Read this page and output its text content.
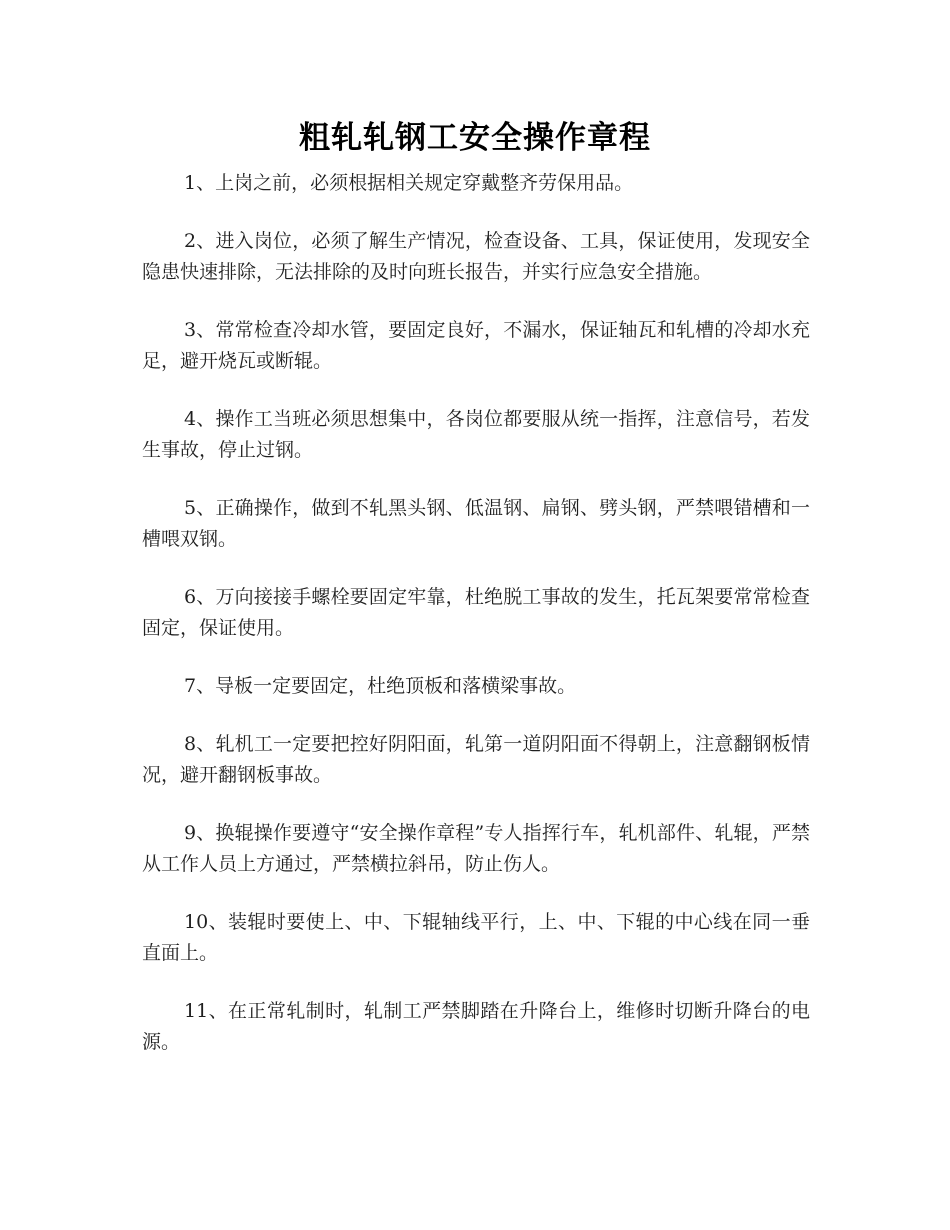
粗轧轧钢工安全操作章程

1、上岗之前，必须根据相关规定穿戴整齐劳保用品。

2、进入岗位，必须了解生产情况，检查设备、工具，保证使用，发现安全隐患快速排除，无法排除的及时向班长报告，并实行应急安全措施。

3、常常检查冷却水管，要固定良好，不漏水，保证轴瓦和轧槽的冷却水充足，避开烧瓦或断辊。

4、操作工当班必须思想集中，各岗位都要服从统一指挥，注意信号，若发生事故，停止过钢。

5、正确操作，做到不轧黑头钢、低温钢、扁钢、劈头钢，严禁喂错槽和一槽喂双钢。

6、万向接接手螺栓要固定牢靠，杜绝脱工事故的发生，托瓦架要常常检查固定，保证使用。

7、导板一定要固定，杜绝顶板和落横梁事故。

8、轧机工一定要把控好阴阳面，轧第一道阴阳面不得朝上，注意翻钢板情况，避开翻钢板事故。

9、换辊操作要遵守“安全操作章程”专人指挥行车，轧机部件、轧辊，严禁从工作人员上方通过，严禁横拉斜吊，防止伤人。

10、装辊时要使上、中、下辊轴线平行，上、中、下辊的中心线在同一垂直面上。

11、在正常轧制时，轧制工严禁脚踏在升降台上，维修时切断升降台的电源。
